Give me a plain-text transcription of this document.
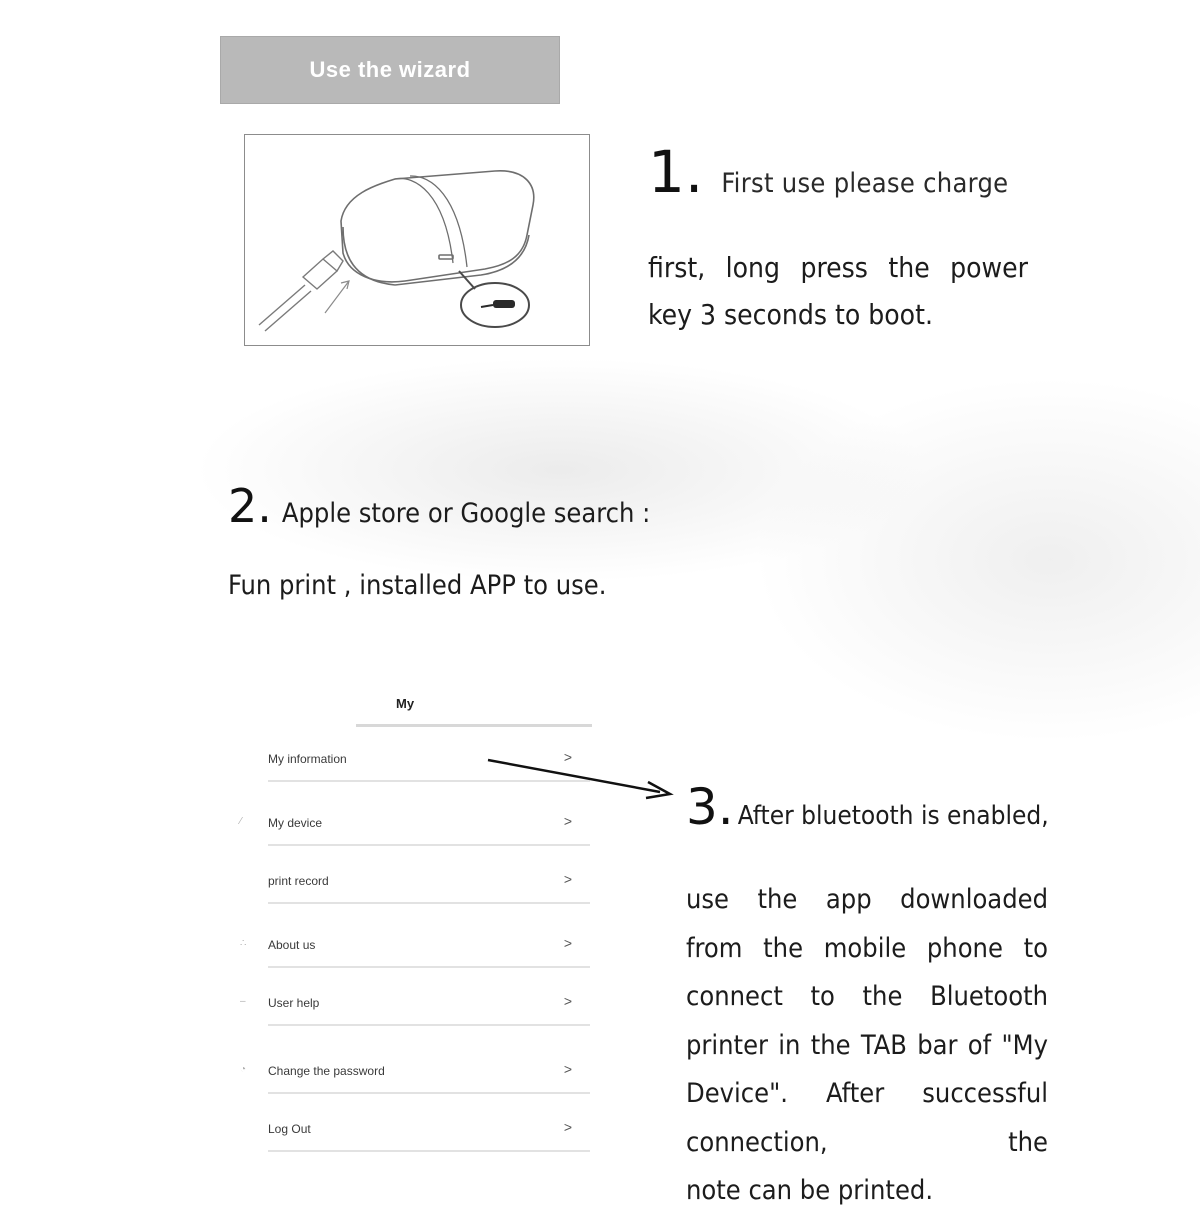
Use the wizard
1. First use please charge
first, long press the power key 3 seconds to boot.
2. Apple store or Google search :
Fun print , installed APP to use.
My
My information	>
⁄ My device	>
print record	>
∴ About us	>
– User help	>
◔ Change the password	>
Log Out	>
3. After bluetooth is enabled,
use the app downloaded from the mobile phone to connect to the Bluetooth printer in the TAB bar of "My Device". After successful connection, the
note can be printed.
